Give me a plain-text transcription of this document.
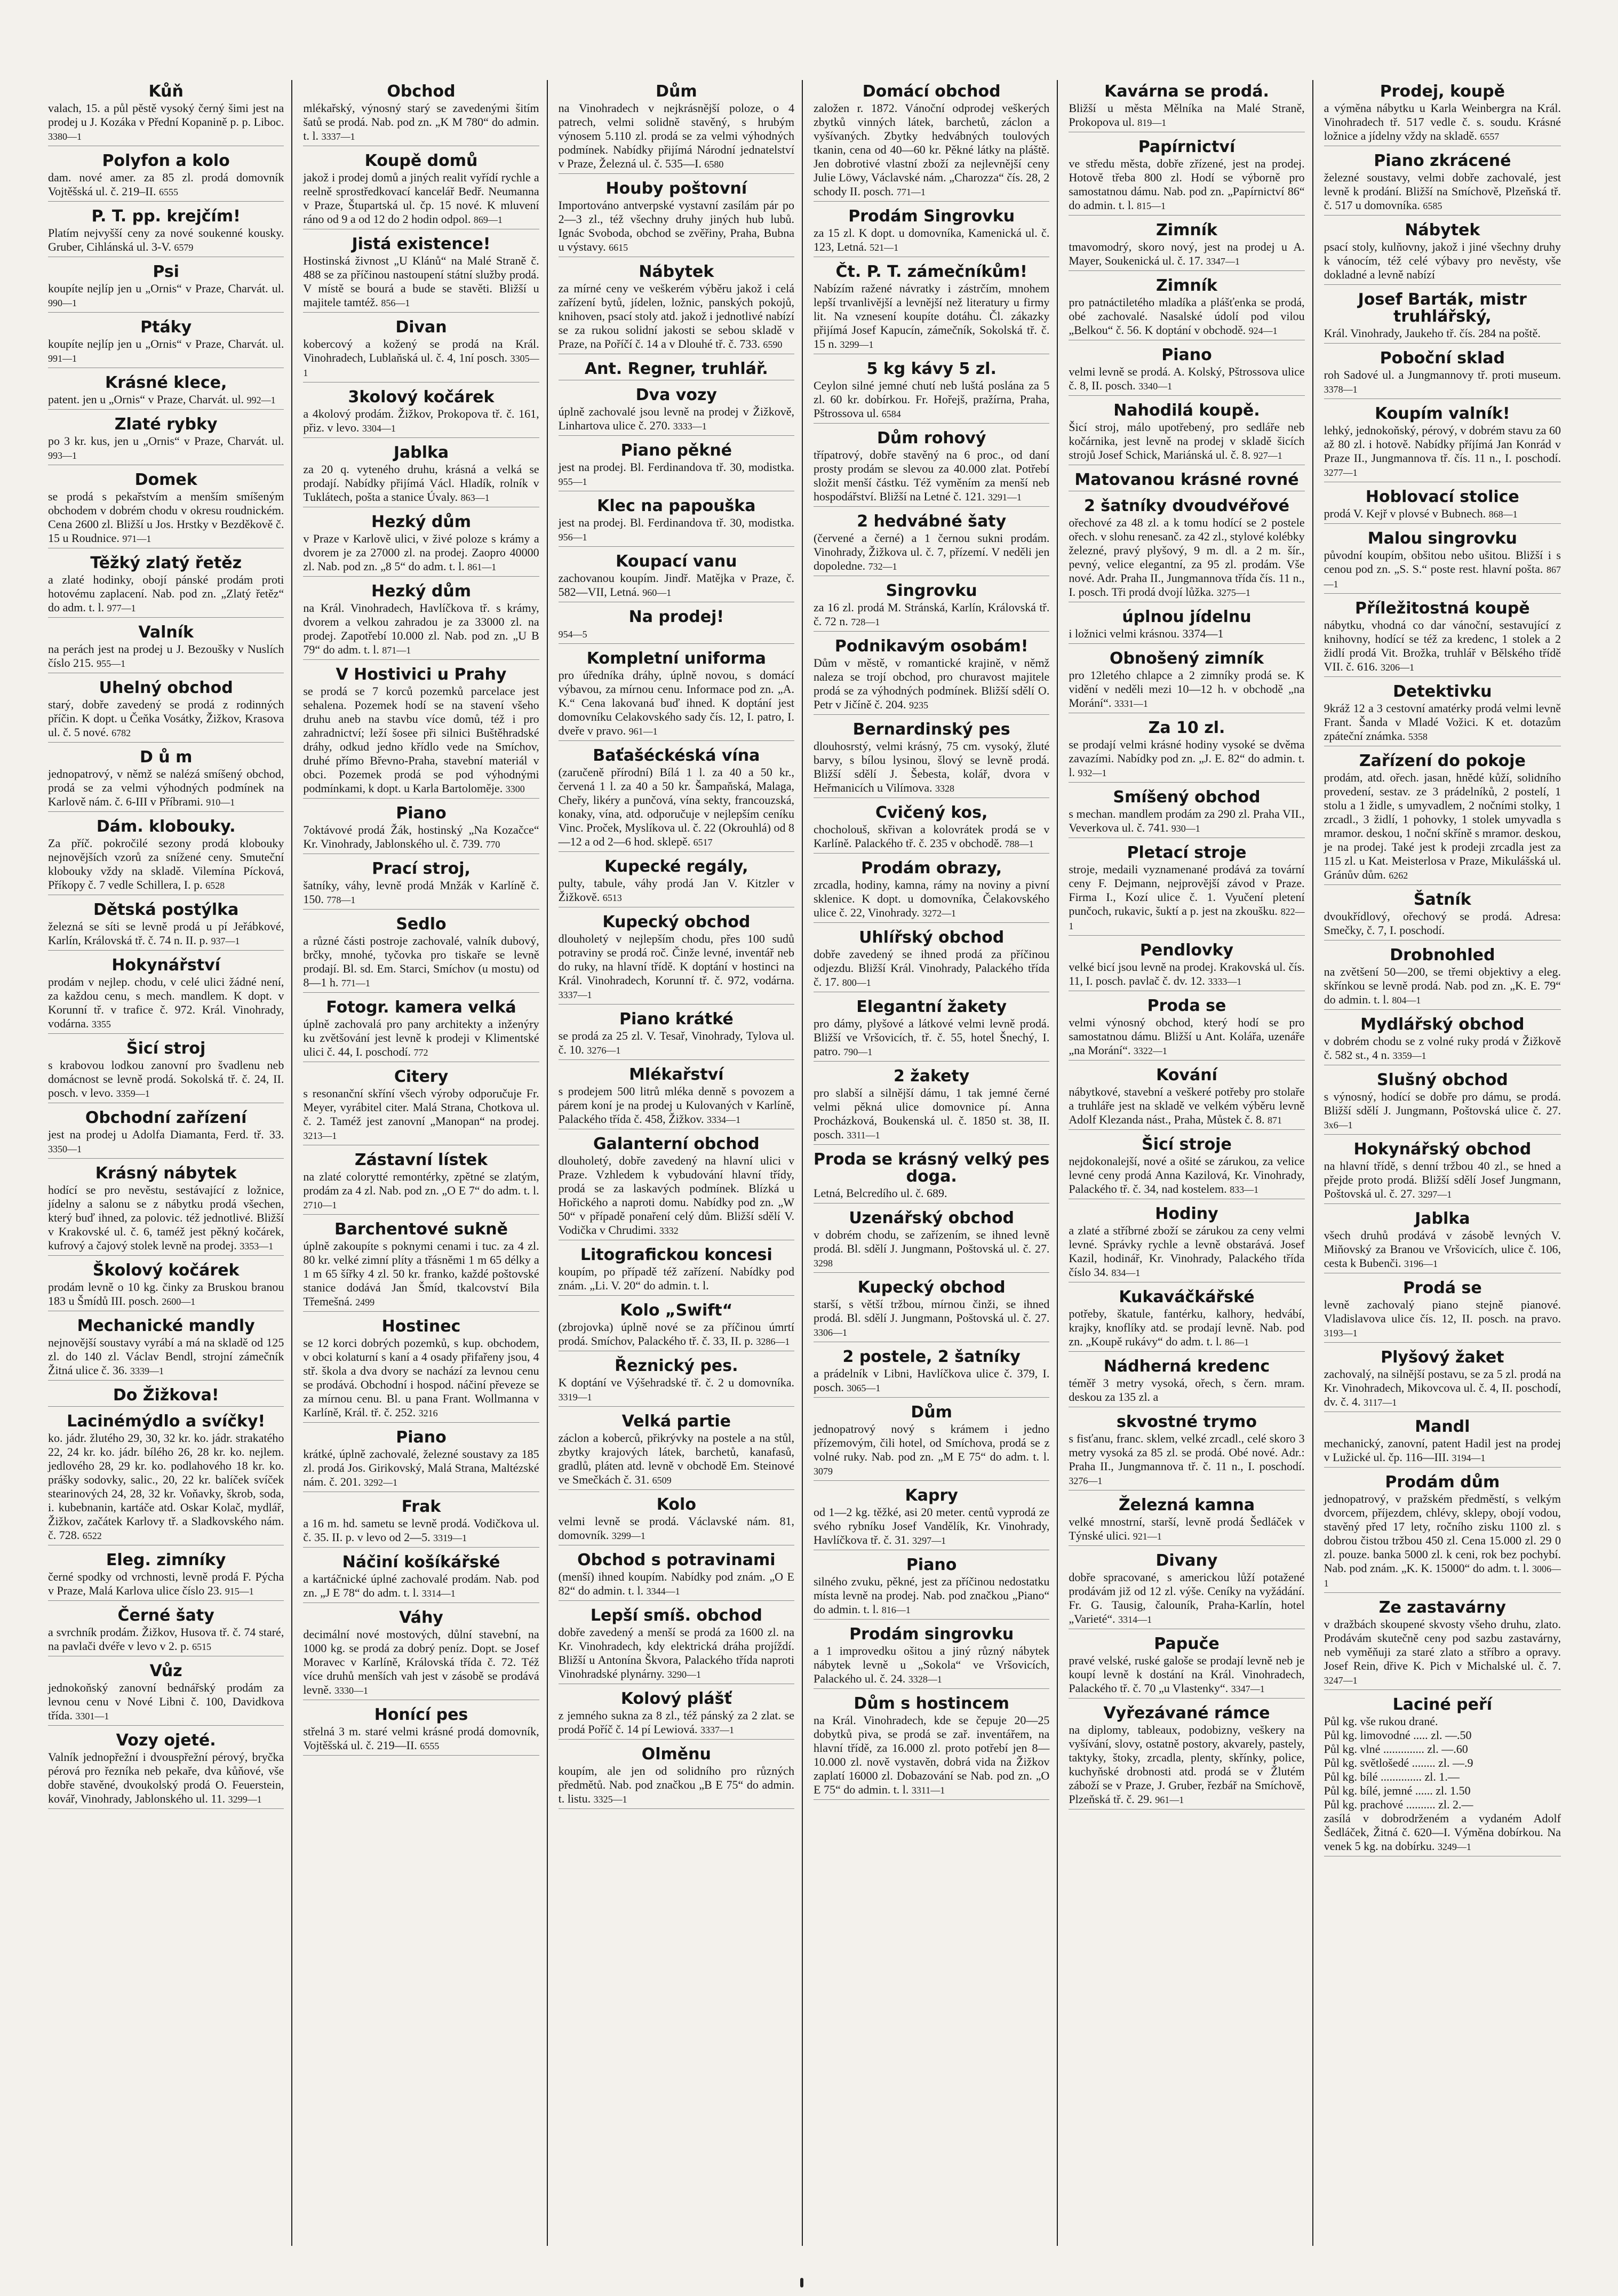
Kůň
valach, 15. a půl pěstě vysoký černý šimi jest na prodej u J. Kozáka v Přední Kopanině p. p. Liboc. 3380—1
Polyfon a kolo
dam. nové amer. za 85 zl. prodá domovník Vojtěšská ul. č. 219–II. 6555
P. T. pp. krejčím!
Platím nejvyšší ceny za nové soukenné kousky. Gruber, Cihlánská ul. 3-V. 6579
Psi
koupíte nejlíp jen u „Ornis“ v Praze, Charvát. ul. 990—1
Ptáky
koupíte nejlíp jen u „Ornis“ v Praze, Charvát. ul. 991—1
Krásné klece,
patent. jen u „Ornis“ v Praze, Charvát. ul. 992—1
Zlaté rybky
po 3 kr. kus, jen u „Ornis“ v Praze, Charvát. ul. 993—1
Domek
se prodá s pekařstvím a menším smíšeným obchodem v dobrém chodu v okresu roudnickém. Cena 2600 zl. Bližší u Jos. Hrstky v Bezděkově č. 15 u Roudnice. 971—1
Těžký zlatý řetěz
a zlaté hodinky, obojí pánské prodám proti hotovému zaplacení. Nab. pod zn. „Zlatý řetěz“ do adm. t. l. 977—1
Valník
na perách jest na prodej u J. Bezoušky v Nuslích číslo 215. 955—1
Uhelný obchod
starý, dobře zavedený se prodá z rodinných příčin. K dopt. u Čeňka Vosátky, Žižkov, Krasova ul. č. 5 nové. 6782
D ů m
jednopatrový, v němž se nalézá smíšený obchod, prodá se za velmi výhodných podmínek na Karlově nám. č. 6-III v Příbrami. 910—1
Dám. klobouky.
Za příč. pokročilé sezony prodá klobouky nejnovějších vzorů za snížené ceny. Smuteční klobouky vždy na skladě. Vilemína Pícková, Příkopy č. 7 vedle Schillera, I. p. 6528
Dětská postýlka
železná se síti se levně prodá u pí Jeřábkové, Karlín, Královská tř. č. 74 n. II. p. 937—1
Hokynářství
prodám v nejlep. chodu, v celé ulici žádné není, za každou cenu, s mech. mandlem. K dopt. v Korunní tř. v trafice č. 972. Král. Vinohrady, vodárna. 3355
Šicí stroj
s krabovou lodkou zanovní pro švadlenu neb domácnost se levně prodá. Sokolská tř. č. 24, II. posch. v levo. 3359—1
Obchodní zařízení
jest na prodej u Adolfa Diamanta, Ferd. tř. 33. 3350—1
Krásný nábytek
hodící se pro nevěstu, sestávající z ložnice, jídelny a salonu se z nábytku prodá všechen, který buď ihned, za polovic. též jednotlivé. Bližší v Krakovské ul. č. 6, taméž jest pěkný kočárek, kufrový a čajový stolek levně na prodej. 3353—1
Školový kočárek
prodám levně o 10 kg. činky za Bruskou branou 183 u Šmídů III. posch. 2600—1
Mechanické mandly
nejnovější soustavy vyrábí a má na skladě od 125 zl. do 140 zl. Václav Bendl, strojní zámečník Žitná ulice č. 36. 3339—1
Do Žižkova!
Lacinémýdlo a svíčky!
ko. jádr. žlutého 29, 30, 32 kr. ko. jádr. strakatého 22, 24 kr. ko. jádr. bílého 26, 28 kr. ko. nejlem. jedlového 28, 29 kr. ko. podlahového 18 kr. ko. prášky sodovky, salic., 20, 22 kr. balíček svíček stearinových 24, 28, 32 kr. Voňavky, škrob, soda, i. kubebnanin, kartáče atd. Oskar Kolač, mydlář, Žižkov, začátek Karlovy tř. a Sladkovského nám. č. 728. 6522
Eleg. zimníky
černé spodky od vrchnosti, levně prodá F. Pýcha v Praze, Malá Karlova ulice číslo 23. 915—1
Černé šaty
a svrchník prodám. Žižkov, Husova tř. č. 74 staré, na pavlači dvéře v levo v 2. p. 6515
Vůz
jednokoňský zanovní bednářský prodám za levnou cenu v Nové Libni č. 100, Davidkova třída. 3301—1
Vozy ojeté.
Valník jednopřežní i dvouspřežní pérový, bryčka pérová pro řezníka neb pekaře, dva kůňové, vše dobře stavěné, dvoukolský prodá O. Feuerstein, kovář, Vinohrady, Jablonského ul. 11. 3299—1
Obchod
mlékařský, výnosný starý se zavedenými šitím šatů se prodá. Nab. pod zn. „K M 780“ do admin. t. l. 3337—1
Koupě domů
jakož i prodej domů a jiných realit vyřídí rychle a reelně sprostředkovací kancelář Bedř. Neumanna v Praze, Štupartská ul. čp. 15 nové. K mluvení ráno od 9 a od 12 do 2 hodin odpol. 869—1
Jistá existence!
Hostinská živnost „U Klánů“ na Malé Straně č. 488 se za příčinou nastoupení státní služby prodá. V místě se bourá a bude se stavěti. Bližší u majitele tamtéž. 856—1
Divan
kobercový a kožený se prodá na Král. Vinohradech, Lublaňská ul. č. 4, 1ní posch. 3305—1
3kolový kočárek
a 4kolový prodám. Žižkov, Prokopova tř. č. 161, přiz. v levo. 3304—1
Jablka
za 20 q. vyteného druhu, krásná a velká se prodají. Nabídky přijímá Václ. Hladík, rolník v Tuklátech, pošta a stanice Úvaly. 863—1
Hezký dům
v Praze v Karlově ulici, v živé poloze s krámy a dvorem je za 27000 zl. na prodej. Zaopro 40000 zl. Nab. pod zn. „8 5“ do adm. t. l. 861—1
Hezký dům
na Král. Vinohradech, Havlíčkova tř. s krámy, dvorem a velkou zahradou je za 33000 zl. na prodej. Zapotřebí 10.000 zl. Nab. pod zn. „U B 79“ do adm. t. l. 871—1
V Hostivici u Prahy
se prodá se 7 korců pozemků parcelace jest sehalena. Pozemek hodí se na stavení všeho druhu aneb na stavbu více domů, též i pro zahradnictví; leží šosee při silnici Buštěhradské dráhy, odkud jedno křídlo vede na Smíchov, druhé přímo Břevno-Praha, stavební materiál v obci. Pozemek prodá se pod výhodnými podmínkami, k dopt. u Karla Bartoloměje. 3300
Piano
7oktávové prodá Žák, hostinský „Na Kozačce“ Kr. Vinohrady, Jablonského ul. č. 739. 770
Prací stroj,
šatníky, váhy, levně prodá Mnžák v Karlíně č. 150. 778—1
Sedlo
a různé části postroje zachovalé, valník dubový, brčky, mnohé, tyčovka pro tiskaře se levně prodají. Bl. sd. Em. Starci, Smíchov (u mostu) od 8—1 h. 771—1
Fotogr. kamera velká
úplně zachovalá pro pany architekty a inženýry ku zvětšování jest levně k prodeji v Klimentské ulici č. 44, I. poschodí. 772
Citery
s resonanční skříní všech výroby odporučuje Fr. Meyer, vyrábitel citer. Malá Strana, Chotkova ul. č. 2. Taméž jest zanovní „Manopan“ na prodej. 3213—1
Zástavní lístek
na zlaté colorytté remontérky, zpětné se zlatým, prodám za 4 zl. Nab. pod zn. „O E 7“ do adm. t. l. 2710—1
Barchentové sukně
úplně zakoupíte s poknymi cenami i tuc. za 4 zl. 80 kr. velké zimní plíty a třásněmi 1 m 65 délky a 1 m 65 šířky 4 zl. 50 kr. franko, každé poštovské stanice dodává Jan Šmíd, tkalcovství Bila Třemešná. 2499
Hostinec
se 12 korci dobrých pozemků, s kup. obchodem, v obci kolaturní s kaní a 4 osady přifařeny jsou, 4 stř. škola a dva dvory se nachází za levnou cenu se prodává. Obchodní i hospod. náčiní převeze se za mírnou cenu. Bl. u pana Frant. Wollmanna v Karlíně, Král. tř. č. 252. 3216
Piano
krátké, úplně zachovalé, železné soustavy za 185 zl. prodá Jos. Girikovský, Malá Strana, Maltézské nám. č. 201. 3292—1
Frak
a 16 m. hd. sametu se levně prodá. Vodičkova ul. č. 35. II. p. v levo od 2—5. 3319—1
Náčiní košíkářské
a kartáčnické úplné zachovalé prodám. Nab. pod zn. „J E 78“ do adm. t. l. 3314—1
Váhy
decimální nové mostových, důlní stavební, na 1000 kg. se prodá za dobrý peníz. Dopt. se Josef Moravec v Karlíně, Královská třída č. 72. Též více druhů menších vah jest v zásobě se prodává levně. 3330—1
Honící pes
střelná 3 m. staré velmi krásné prodá domovník, Vojtěšská ul. č. 219—II. 6555
Dům
na Vinohradech v nejkrásnější poloze, o 4 patrech, velmi solidně stavěný, s hrubým výnosem 5.110 zl. prodá se za velmi výhodných podmínek. Nabídky přijímá Národní jednatelství v Praze, Železná ul. č. 535—I. 6580
Houby poštovní
Importováno antverpské vystavní zasílám pár po 2—3 zl., též všechny druhy jiných hub lubů. Ignác Svoboda, obchod se zvěřiny, Praha, Bubna u výstavy. 6615
Nábytek
za mírné ceny ve veškerém výběru jakož i celá zařízení bytů, jídelen, ložnic, panských pokojů, knihoven, psací stoly atd. jakož i jednotlivé nabízí se za rukou solidní jakosti se sebou skladě v Praze, na Poříčí č. 14 a v Dlouhé tř. č. 733. 6590
Ant. Regner, truhlář.
Dva vozy
úplně zachovalé jsou levně na prodej v Žižkově, Linhartova ulice č. 270. 3333—1
Piano pěkné
jest na prodej. Bl. Ferdinandova tř. 30, modistka. 955—1
Klec na papouška
jest na prodej. Bl. Ferdinandova tř. 30, modistka. 956—1
Koupací vanu
zachovanou koupím. Jindř. Matějka v Praze, č. 582—VII, Letná. 960—1
Na prodej!
954—5
Kompletní uniforma
pro úředníka dráhy, úplně novou, s domácí výbavou, za mírnou cenu. Informace pod zn. „A. K.“ Cena lakovaná buď ihned. K doptání jest domovníku Celakovského sady čís. 12, I. patro, I. dveře v pravo. 961—1
Baťašéckéská vína
(zaručeně přírodní) Bílá 1 l. za 40 a 50 kr., červená 1 l. za 40 a 50 kr. Šampaňská, Malaga, Cheřy, likéry a punčová, vína sekty, francouzská, konaky, vína, atd. odporučuje v nejlepším ceníku Vinc. Proček, Myslíkova ul. č. 22 (Okrouhlá) od 8—12 a od 2—6 hod. sklepě. 6517
Kupecké regály,
pulty, tabule, váhy prodá Jan V. Kitzler v Žižkově. 6513
Kupecký obchod
dlouholetý v nejlepším chodu, přes 100 sudů potraviny se prodá roč. Činže levné, inventář neb do ruky, na hlavní třídě. K doptání v hostinci na Král. Vinohradech, Korunní tř. č. 972, vodárna. 3337—1
Piano krátké
se prodá za 25 zl. V. Tesař, Vinohrady, Tylova ul. č. 10. 3276—1
Mlékařství
s prodejem 500 litrů mléka denně s povozem a párem koní je na prodej u Kulovaných v Karlíně, Palackého třída č. 458, Žižkov. 3334—1
Galanterní obchod
dlouholetý, dobře zavedený na hlavní ulici v Praze. Vzhledem k vybudování hlavní třídy, prodá se za laskavých podmínek. Blízká u Hořického a naproti domu. Nabídky pod zn. „W 50“ v případě ponaření celý dům. Bližší sdělí V. Vodička v Chrudimi. 3332
Litografickou koncesi
koupím, po případě též zařízení. Nabídky pod znám. „Li. V. 20“ do admin. t. l.
Kolo „Swift“
(zbrojovka) úplně nové se za příčinou úmrtí prodá. Smíchov, Palackého tř. č. 33, II. p. 3286—1
Řeznický pes.
K doptání ve Výšehradské tř. č. 2 u domovníka. 3319—1
Velká partie
záclon a koberců, přikrývky na postele a na stůl, zbytky krajových látek, barchetů, kanafasů, gradlů, pláten atd. levně v obchodě Em. Steinové ve Smečkách č. 31. 6509
Kolo
velmi levně se prodá. Václavské nám. 81, domovník. 3299—1
Obchod s potravinami
(menší) ihned koupím. Nabídky pod znám. „O E 82“ do admin. t. l. 3344—1
Lepší smíš. obchod
dobře zavedený a menší se prodá za 1600 zl. na Kr. Vinohradech, kdy elektrická dráha projíždí. Bližší u Antonína Škvora, Palackého třída naproti Vinohradské plynárny. 3290—1
Kolový plášť
z jemného sukna za 8 zl., též pánský za 2 zlat. se prodá Poříč č. 14 pí Lewiová. 3337—1
Olměnu
koupím, ale jen od solidního pro různých předmětů. Nab. pod značkou „B E 75“ do admin. t. listu. 3325—1
Domácí obchod
založen r. 1872. Vánoční odprodej veškerých zbytků vinných látek, barchetů, záclon a vyšívaných. Zbytky hedvábných toulových tkanin, cena od 40—60 kr. Pěkné látky na pláště. Jen dobrotivé vlastní zboží za nejlevnější ceny Julie Löwy, Václavské nám. „Charozza“ čís. 28, 2 schody II. posch. 771—1
Prodám Singrovku
za 15 zl. K dopt. u domovníka, Kamenická ul. č. 123, Letná. 521—1
Čt. P. T. zámečníkům!
Nabízím ražené návratky i zástrčím, mnohem lepší trvanlivější a levnější než literatury u firmy lit. Na vznesení koupíte dotáhu. Čl. zákazky přijímá Josef Kapucín, zámečník, Sokolská tř. č. 15 n. 3299—1
5 kg kávy 5 zl.
Ceylon silné jemné chutí neb luštá poslána za 5 zl. 60 kr. dobírkou. Fr. Hořejš, pražírna, Praha, Pštrossova ul. 6584
Dům rohový
třípatrový, dobře stavěný na 6 proc., od daní prosty prodám se slevou za 40.000 zlat. Potřebí složit menší částku. Též vyměním za menší neb hospodářství. Bližší na Letné č. 121. 3291—1
2 hedvábné šaty
(červené a černé) a 1 černou sukni prodám. Vinohrady, Žižkova ul. č. 7, přízemí. V neděli jen dopoledne. 732—1
Singrovku
za 16 zl. prodá M. Stránská, Karlín, Královská tř. č. 72 n. 728—1
Podnikavým osobám!
Dům v městě, v romantické krajině, v němž naleza se trojí obchod, pro churavost majitele prodá se za výhodných podmínek. Bližší sdělí O. Petr v Jičíně č. 204. 9235
Bernardinský pes
dlouhosrstý, velmi krásný, 75 cm. vysoký, žluté barvy, s bílou lysinou, šlový se levně prodá. Bližší sdělí J. Šebesta, kolář, dvora v Heřmanicích u Vilímova. 3328
Cvičený kos,
chocholouš, skřivan a kolovrátek prodá se v Karlíně. Palackého tř. č. 235 v obchodě. 788—1
Prodám obrazy,
zrcadla, hodiny, kamna, rámy na noviny a pivní sklenice. K dopt. u domovníka, Čelakovského ulice č. 22, Vinohrady. 3272—1
Uhlířský obchod
dobře zavedený se ihned prodá za příčinou odjezdu. Bližší Král. Vinohrady, Palackého třída č. 17. 800—1
Elegantní žakety
pro dámy, plyšové a látkové velmi levně prodá. Bližší ve Vršovicích, tř. č. 55, hotel Šnechý, I. patro. 790—1
2 žakety
pro slabší a silnější dámu, 1 tak jemné černé velmi pěkná ulice domovnice pí. Anna Procházková, Boukenská ul. č. 1850 st. 38, II. posch. 3311—1
Proda se krásný velký pes doga.
Letná, Belcredího ul. č. 689.
Uzenářský obchod
v dobrém chodu, se zařízením, se ihned levně prodá. Bl. sdělí J. Jungmann, Poštovská ul. č. 27. 3298
Kupecký obchod
starší, s větší tržbou, mírnou činži, se ihned prodá. Bl. sdělí J. Jungmann, Poštovská ul. č. 27. 3306—1
2 postele, 2 šatníky
a prádelník v Libni, Havlíčkova ulice č. 379, I. posch. 3065—1
Dům
jednopatrový nový s krámem i jedno přízemovým, čili hotel, od Smíchova, prodá se z volné ruky. Nab. pod zn. „M E 75“ do adm. t. l. 3079
Kapry
od 1—2 kg. těžké, asi 20 meter. centů vyprodá ze svého rybníku Josef Vandělík, Kr. Vinohrady, Havlíčkova tř. č. 31. 3297—1
Piano
silného zvuku, pěkné, jest za příčinou nedostatku místa levně na prodej. Nab. pod značkou „Piano“ do admin. t. l. 816—1
Prodám singrovku
a 1 improvedku ošitou a jiný různý nábytek nábytek levně u „Sokola“ ve Vršovicích, Palackého ul. č. 24. 3328—1
Dům s hostincem
na Král. Vinohradech, kde se čepuje 20—25 dobytků piva, se prodá se zař. inventářem, na hlavní třídě, za 16.000 zl. proto potřebí jen 8—10.000 zl. nově vystavěn, dobrá vida na Žižkov zaplatí 16000 zl. Dobazování se Nab. pod zn. „O E 75“ do admin. t. l. 3311—1
Kavárna se prodá.
Bližší u města Mělníka na Malé Straně, Prokopova ul. 819—1
Papírnictví
ve středu města, dobře zřízené, jest na prodej. Hotově třeba 800 zl. Hodí se výborně pro samostatnou dámu. Nab. pod zn. „Papírnictví 86“ do admin. t. l. 815—1
Zimník
tmavomodrý, skoro nový, jest na prodej u A. Mayer, Soukenická ul. č. 17. 3347—1
Zimník
pro patnáctiletého mladíka a plášťenka se prodá, obé zachovalé. Nasalské údolí pod vilou „Belkou“ č. 56. K doptání v obchodě. 924—1
Piano
velmi levně se prodá. A. Kolský, Pštrossova ulice č. 8, II. posch. 3340—1
Nahodilá koupě.
Šicí stroj, málo upotřebený, pro sedláře neb kočárnika, jest levně na prodej v skladě šicích strojů Josef Schick, Mariánská ul. č. 8. 927—1
Matovanou krásné rovné
2 šatníky dvoudvéřové
ořechové za 48 zl. a k tomu hodící se 2 postele ořech. v slohu renesanč. za 42 zl., stylové kolébky železné, pravý plyšový, 9 m. dl. a 2 m. šír., pevný, velice elegantní, za 95 zl. prodám. Vše nové. Adr. Praha II., Jungmannova třída čís. 11 n., I. posch. Tři prodá dvojí lůžka. 3275—1
úplnou jídelnu
i ložnici velmi krásnou. 3374—1
Obnošený zimník
pro 12letého chlapce a 2 zimníky prodá se. K vidění v neděli mezi 10—12 h. v obchodě „na Morání“. 3331—1
Za 10 zl.
se prodají velmi krásné hodiny vysoké se dvěma zavazími. Nabídky pod zn. „J. E. 82“ do admin. t. l. 932—1
Smíšený obchod
s mechan. mandlem prodám za 290 zl. Praha VII., Veverkova ul. č. 741. 930—1
Pletací stroje
stroje, medaili vyznamenané prodává za tovární ceny F. Dejmann, nejprovější závod v Praze. Firma I., Kozí ulice č. 1. Vyučení pletení punčoch, rukavic, šuktí a p. jest na zkoušku. 822—1
Pendlovky
velké bicí jsou levně na prodej. Krakovská ul. čís. 11, I. posch. pavlač č. dv. 12. 3333—1
Proda se
velmi výnosný obchod, který hodí se pro samostatnou dámu. Bližší u Ant. Kolářa, uzenáře „na Morání“. 3322—1
Kování
nábytkové, stavební a veškeré potřeby pro stolaře a truhláře jest na skladě ve velkém výběru levně Adolf Klezanda nást., Praha, Můstek č. 8. 871
Šicí stroje
nejdokonalejší, nové a ošité se zárukou, za velice levné ceny prodá Anna Kazilová, Kr. Vinohrady, Palackého tř. č. 34, nad kostelem. 833—1
Hodiny
a zlaté a stříbrné zboží se zárukou za ceny velmi levné. Správky rychle a levně obstarává. Josef Kazil, hodinář, Kr. Vinohrady, Palackého třída číslo 34. 834—1
Kukaváčkářské
potřeby, škatule, fantérku, kalhory, hedvábí, krajky, knoflíky atd. se prodají levně. Nab. pod zn. „Koupě rukávy“ do adm. t. l. 86—1
Nádherná kredenc
téměř 3 metry vysoká, ořech, s čern. mram. deskou za 135 zl. a
skvostné trymo
s fisťanu, franc. sklem, velké zrcadl., celé skoro 3 metry vysoká za 85 zl. se prodá. Obé nové. Adr.: Praha II., Jungmannova tř. č. 11 n., I. poschodí. 3276—1
Železná kamna
velké mnostrní, starší, levně prodá Šedláček v Týnské ulici. 921—1
Divany
dobře spracované, s americkou lůží potažené prodávám již od 12 zl. výše. Ceníky na vyžádání. Fr. G. Tausig, čalouník, Praha-Karlín, hotel „Varieté“. 3314—1
Papuče
pravé velské, ruské galoše se prodají levně neb je koupí levně k dostání na Král. Vinohradech, Palackého tř. č. 70 „u Vlastenky“. 3347—1
Vyřezávané rámce
na diplomy, tableaux, podobizny, veškery na vyšívání, slovy, ostatně postory, akvarely, pastely, taktyky, štoky, zrcadla, plenty, skřínky, police, kuchyňské drobnosti atd. prodá se v Žlutém záboží se v Praze, J. Gruber, řezbář na Smíchově, Plzeňská tř. č. 29. 961—1
Prodej, koupě
a výměna nábytku u Karla Weinbergra na Král. Vinohradech tř. 517 vedle č. s. soudu. Krásné ložnice a jídelny vždy na skladě. 6557
Piano zkrácené
železné soustavy, velmi dobře zachovalé, jest levně k prodání. Bližší na Smíchově, Plzeňská tř. č. 517 u domovníka. 6585
Nábytek
psací stoly, kulňovny, jakož i jiné všechny druhy k vánocím, též celé výbavy pro nevěsty, vše dokladné a levně nabízí
Josef Barták, mistr truhlářský,
Král. Vinohrady, Jaukeho tř. čís. 284 na poště.
Poboční sklad
roh Sadové ul. a Jungmannovy tř. proti museum. 3378—1
Koupím valník!
lehký, jednokoňský, pérový, v dobrém stavu za 60 až 80 zl. i hotově. Nabídky příjímá Jan Konrád v Praze II., Jungmannova tř. čís. 11 n., I. poschodí. 3277—1
Hoblovací stolice
prodá V. Kejř v plovsé v Bubnech. 868—1
Malou singrovku
původní koupím, obšitou nebo ušitou. Bližší i s cenou pod zn. „S. S.“ poste rest. hlavní pošta. 867—1
Příležitostná koupě
nábytku, vhodná co dar vánoční, sestavující z knihovny, hodící se též za kredenc, 1 stolek a 2 židlí prodá Vit. Brožka, truhlář v Bělského třídě VII. č. 616. 3206—1
Detektivku
9kráž 12 a 3 cestovní amatérky prodá velmi levně Frant. Šanda v Mladé Vožici. K et. dotazům zpáteční známka. 5358
Zařízení do pokoje
prodám, atd. ořech. jasan, hnědé kůží, solidního provedení, sestav. ze 3 prádelníků, 2 postelí, 1 stolu a 1 židle, s umyvadlem, 2 nočními stolky, 1 zrcadl., 3 židlí, 1 pohovky, 1 stolek umyvadla s mramor. deskou, 1 noční skříně s mramor. deskou, je na prodej. Také jest k prodeji zrcadla jest za 115 zl. u Kat. Meisterlosa v Praze, Mikulášská ul. Gránův dům. 6262
Šatník
dvoukřídlový, ořechový se prodá. Adresa: Smečky, č. 7, I. poschodí.
Drobnohled
na zvětšení 50—200, se třemi objektivy a eleg. skřínkou se levně prodá. Nab. pod zn. „K. E. 79“ do admin. t. l. 804—1
Mydlářský obchod
v dobrém chodu se z volné ruky prodá v Žižkově č. 582 st., 4 n. 3359—1
Slušný obchod
s výnosný, hodící se dobře pro dámu, se prodá. Bližší sdělí J. Jungmann, Poštovská ulice č. 27. 3x6—1
Hokynářský obchod
na hlavní třídě, s denní tržbou 40 zl., se hned a přejde proto prodá. Bližší sdělí Josef Jungmann, Poštovská ul. č. 27. 3297—1
Jablka
všech druhů prodává v zásobě levných V. Miňovský za Branou ve Vršovicích, ulice č. 106, cesta k Bubenči. 3196—1
Prodá se
levně zachovalý piano stejně pianové. Vladislavova ulice čís. 12, II. posch. na pravo. 3193—1
Plyšový žaket
zachovalý, na silnější postavu, se za 5 zl. prodá na Kr. Vinohradech, Mikovcova ul. č. 4, II. poschodí, dv. č. 4. 3117—1
Mandl
mechanický, zanovní, patent Hadil jest na prodej v Lužické ul. čp. 116—III. 3194—1
Prodám dům
jednopatrový, v pražském předměstí, s velkým dvorcem, příjezdem, chlévy, sklepy, obojí vodou, stavěný před 17 lety, ročního zisku 1100 zl. s dobrou čistou tržbou 450 zl. Cena 15.000 zl. 29 0 zl. pouze. banka 5000 zl. k ceni, rok bez pochybí. Nab. pod znám. „K. K. 15000“ do adm. t. l. 3006—1
Ze zastavárny
v dražbách skoupené skvosty všeho druhu, zlato. Prodávám skutečně ceny pod sazbu zastavárny, neb vyměňuji za staré zlato a stříbro a opravy. Josef Rein, dřive K. Pich v Michalské ul. č. 7. 3247—1
Laciné peří
Půl kg. vše rukou drané.
Půl kg. limovodné ..... zl. —.50
Půl kg. vlné .............. zl. —.60
Půl kg. světlošedé ........ zl. —.9
Půl kg. bílé .............. zl. 1.—
Půl kg. bílé, jemné ...... zl. 1.50
Půl kg. prachové .......... zl. 2.—
zasílá v dobrodrženém a vydaném Adolf Šedláček, Žitná č. 620—I. Výměna dobírkou. Na venek 5 kg. na dobírku. 3249—1
